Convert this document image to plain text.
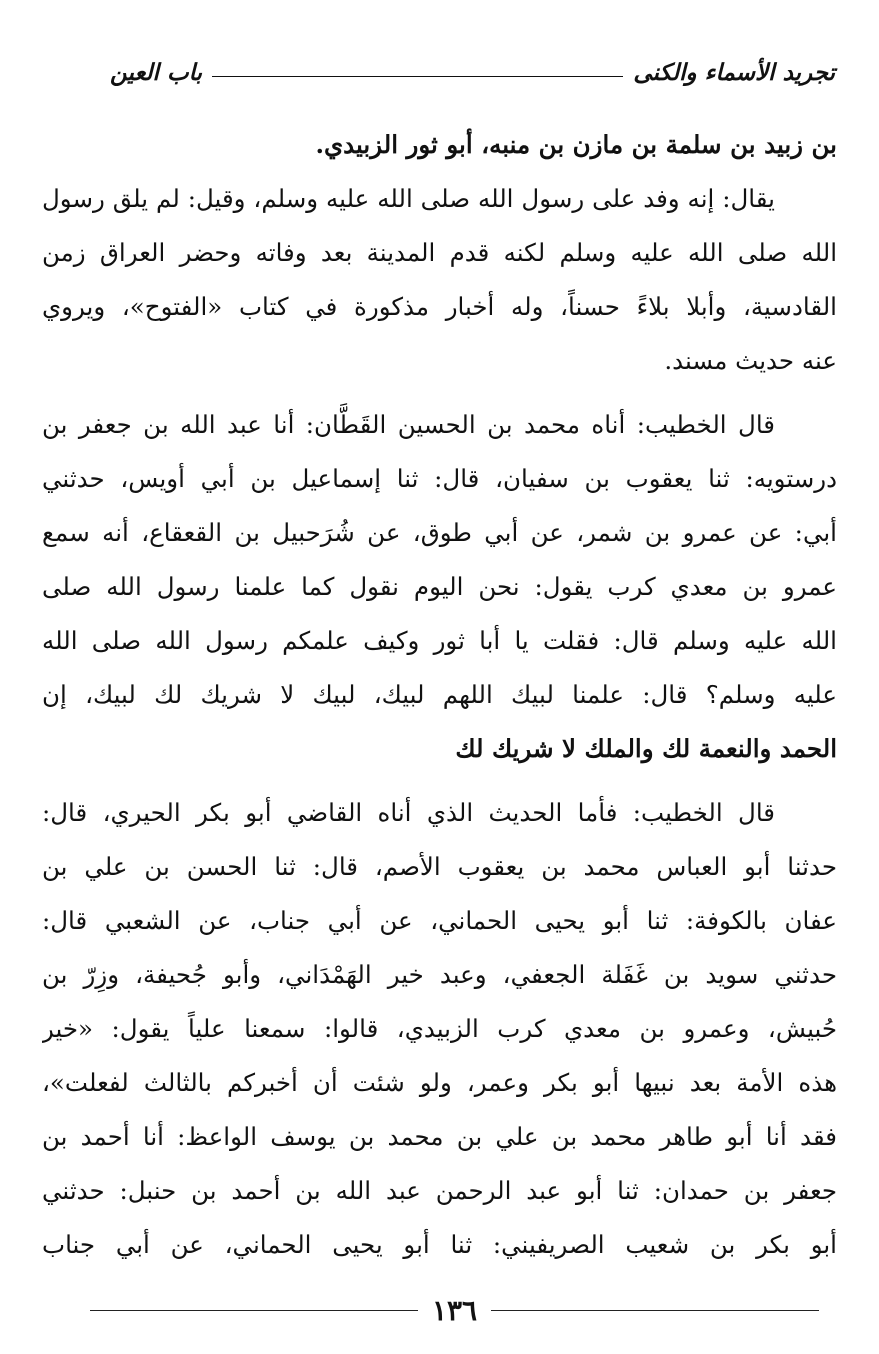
تجريد الأسماء والكنى
باب العين
بن زبيد بن سلمة بن مازن بن منبه، أبو ثور الزبيدي.
يقال: إنه وفد على رسول الله صلى الله عليه وسلم، وقيل: لم يلق رسول
الله صلى الله عليه وسلم لكنه قدم المدينة بعد وفاته وحضر العراق زمن
القادسية، وأبلا بلاءً حسناً، وله أخبار مذكورة في كتاب «الفتوح»، ويروي
عنه حديث مسند.
قال الخطيب: أناه محمد بن الحسين القَطَّان: أنا عبد الله بن جعفر بن
درستويه: ثنا يعقوب بن سفيان، قال: ثنا إسماعيل بن أبي أويس، حدثني
أبي: عن عمرو بن شمر، عن أبي طوق، عن شُرَحبيل بن القعقاع، أنه سمع
عمرو بن معدي كرب يقول: نحن اليوم نقول كما علمنا رسول الله صلى
الله عليه وسلم قال: فقلت يا أبا ثور وكيف علمكم رسول الله صلى الله
عليه وسلم؟ قال: علمنا لبيك اللهم لبيك، لبيك لا شريك لك لبيك، إن
الحمد والنعمة لك والملك لا شريك لك
قال الخطيب: فأما الحديث الذي أناه القاضي أبو بكر الحيري، قال:
حدثنا أبو العباس محمد بن يعقوب الأصم، قال: ثنا الحسن بن علي بن
عفان بالكوفة: ثنا أبو يحيى الحماني، عن أبي جناب، عن الشعبي قال:
حدثني سويد بن غَفَلة الجعفي، وعبد خير الهَمْدَاني، وأبو جُحيفة، وزِرّ بن
حُبيش، وعمرو بن معدي كرب الزبيدي، قالوا: سمعنا علياً يقول: «خير
هذه الأمة بعد نبيها أبو بكر وعمر، ولو شئت أن أخبركم بالثالث لفعلت»،
فقد أنا أبو طاهر محمد بن علي بن محمد بن يوسف الواعظ: أنا أحمد بن
جعفر بن حمدان: ثنا أبو عبد الرحمن عبد الله بن أحمد بن حنبل: حدثني
أبو بكر بن شعيب الصريفيني: ثنا أبو يحيى الحماني، عن أبي جناب
١٣٦
